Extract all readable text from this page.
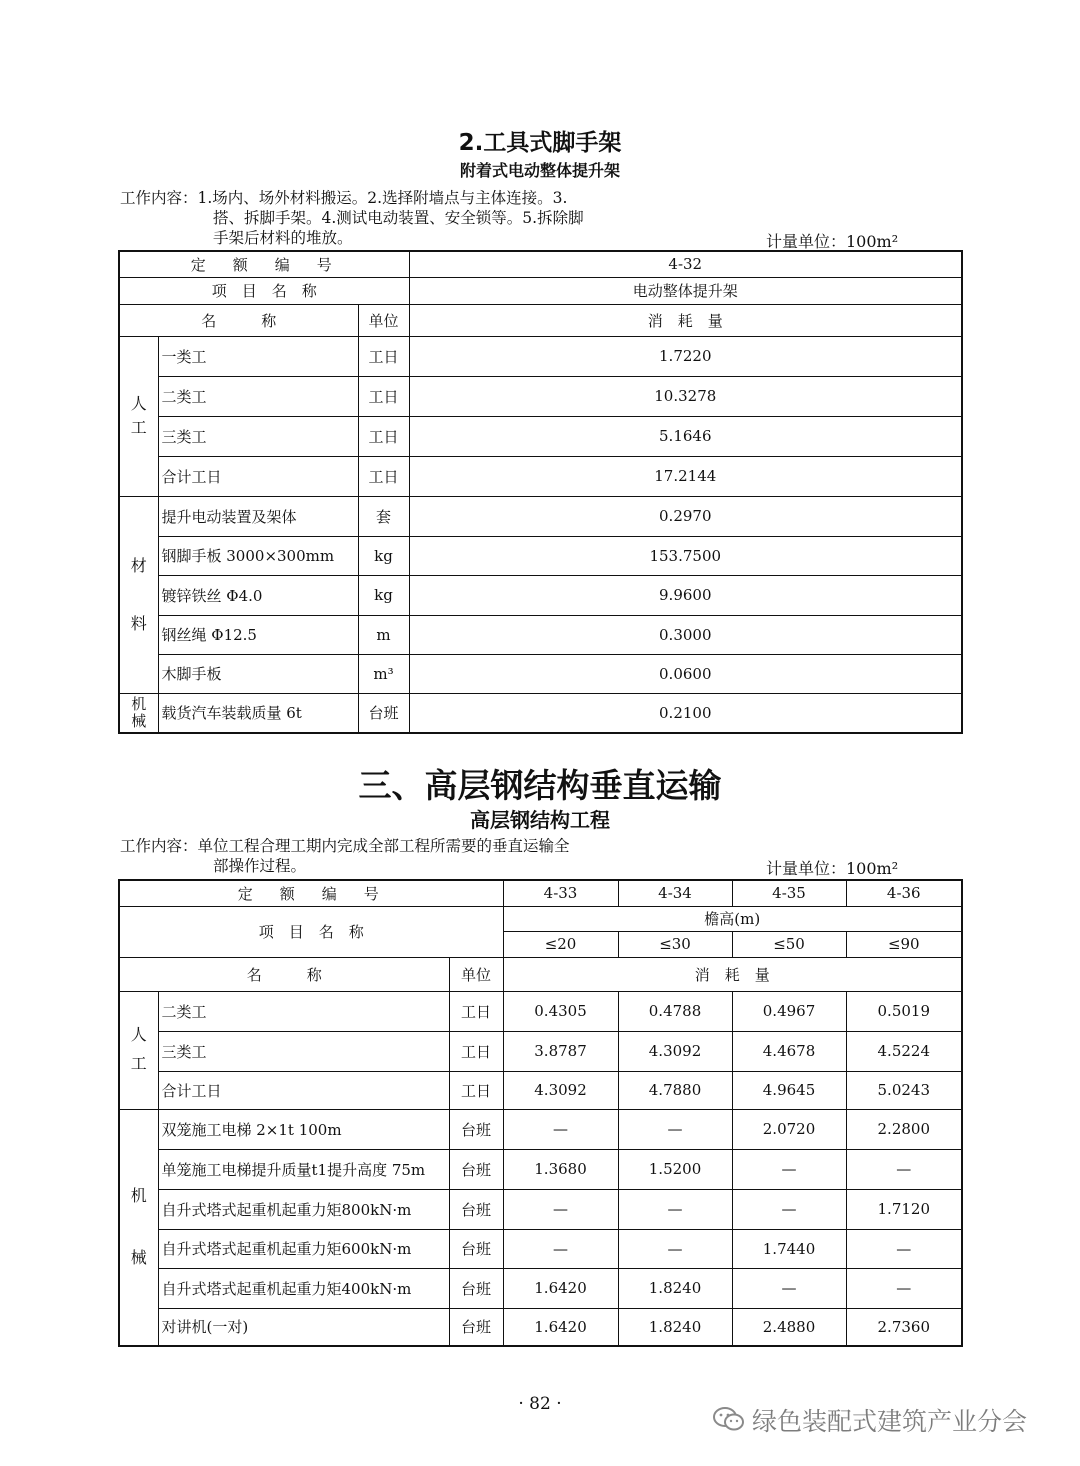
2.工具式脚手架
附着式电动整体提升架
工作内容：1.场内、场外材料搬运。2.选择附墙点与主体连接。3.
搭、拆脚手架。4.测试电动装置、安全锁等。5.拆除脚
手架后材料的堆放。	计量单位：100m²
定　额　编　号			4-32
项　目　名　称			电动整体提升架
名　　　称		单位	消　耗　量
人
工	一类工	工日	1.7220
	二类工	工日	10.3278
	三类工	工日	5.1646
	合计工日	工日	17.2144
材
料	提升电动装置及架体	套	0.2970
	钢脚手板 3000×300mm	kg	153.7500
	镀锌铁丝 Φ4.0	kg	9.9600
	钢丝绳 Φ12.5	m	0.3000
	木脚手板	m³	0.0600
机
械	载货汽车装载质量 6t	台班	0.2100
三、高层钢结构垂直运输
高层钢结构工程
工作内容：单位工程合理工期内完成全部工程所需要的垂直运输全
部操作过程。	计量单位：100m²
定　额　编　号			4-33	4-34	4-35	4-36
项　目　名　称			檐高(m)			
			≤20	≤30	≤50	≤90
名　　　称		单位	消　耗　量			
人
工	二类工	工日	0.4305	0.4788	0.4967	0.5019
	三类工	工日	3.8787	4.3092	4.4678	4.5224
	合计工日	工日	4.3092	4.7880	4.9645	5.0243
机

械	双笼施工电梯 2×1t 100m	台班	—	—	2.0720	2.2800
	单笼施工电梯提升质量t1提升高度 75m	台班	1.3680	1.5200	—	—
	自升式塔式起重机起重力矩800kN·m	台班	—	—	—	1.7120
	自升式塔式起重机起重力矩600kN·m	台班	—	—	1.7440	—
	自升式塔式起重机起重力矩400kN·m	台班	1.6420	1.8240	—	—
	对讲机(一对)	台班	1.6420	1.8240	2.4880	2.7360
· 82 ·
绿色装配式建筑产业分会
